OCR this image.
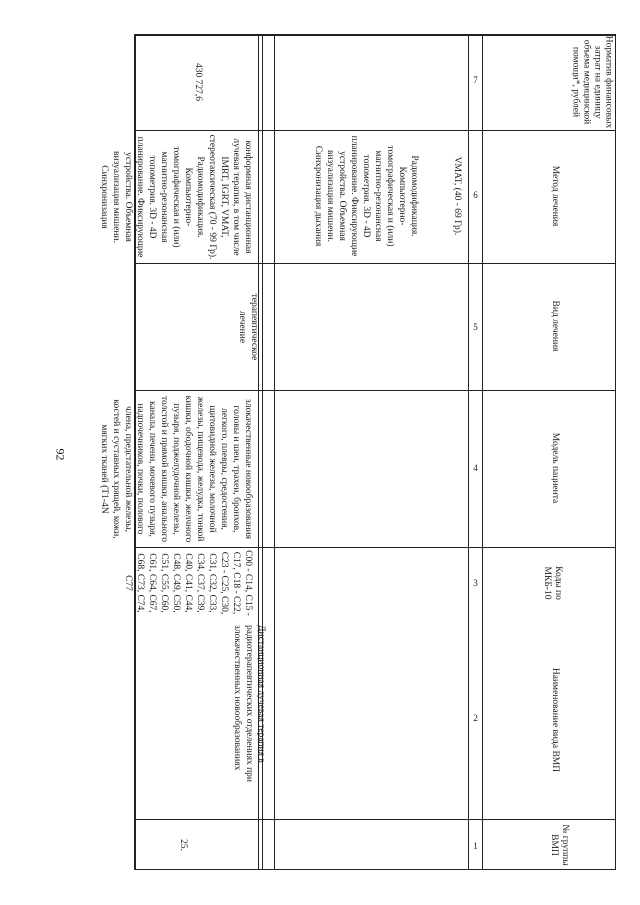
92
Норматив финансовых затрат на единицу объема медицинской помощи*, рублей
Метод лечения
Вид лечения
Модель пациента
Коды по МКБ-10
Наименование вида ВМП
№ группы ВМП
7
6
5
4
3
2
1
VMAT, (40 - 69 Гр).
Радиомодификация. Компьютерно-томографическая и (или) магнитно-резонансная топометрия. 3D - 4D планирование. Фиксирующие устройства. Объемная визуализация мишени. Синхронизация дыхания
430 727,6
конформная дистанционная лучевая терапия, в том числе IMRT, IGRT, VMAT, стереотаксическая (70 - 99 Гр). Радиомодификация. Компьютерно-томографическая и (или) магнитно-резонансная топометрия. 3D - 4D планирование. Фиксирующие устройства. Объемная визуализация мишени. Синхронизация
терапевтическое лечение
злокачественные новообразования головы и шеи, трахеи, бронхов, легкого, плевры, средостения, щитовидной железы, молочной железы, пищевода, желудка, тонкой кишки, ободочной кишки, желчного пузыря, поджелудочной железы, толстой и прямой кишки, анального канала, печени, мочевого пузыря, надпочечников, почки, полового члена, предстательной железы, костей и суставных хрящей, кожи, мягких тканей (T1-4N
C00 - C14, C15 - C17, C18 - C22, C23 - C25, C30, C31, C32, C33, C34, C37, C39, C40, C41, C44, C48, C49, C50, C51, C55, C60, C61, C64, C67, C68, C73, C74, C77
Дистанционная лучевая терапия в радиотерапевтических отделениях при злокачественных новообразованиях
25.
